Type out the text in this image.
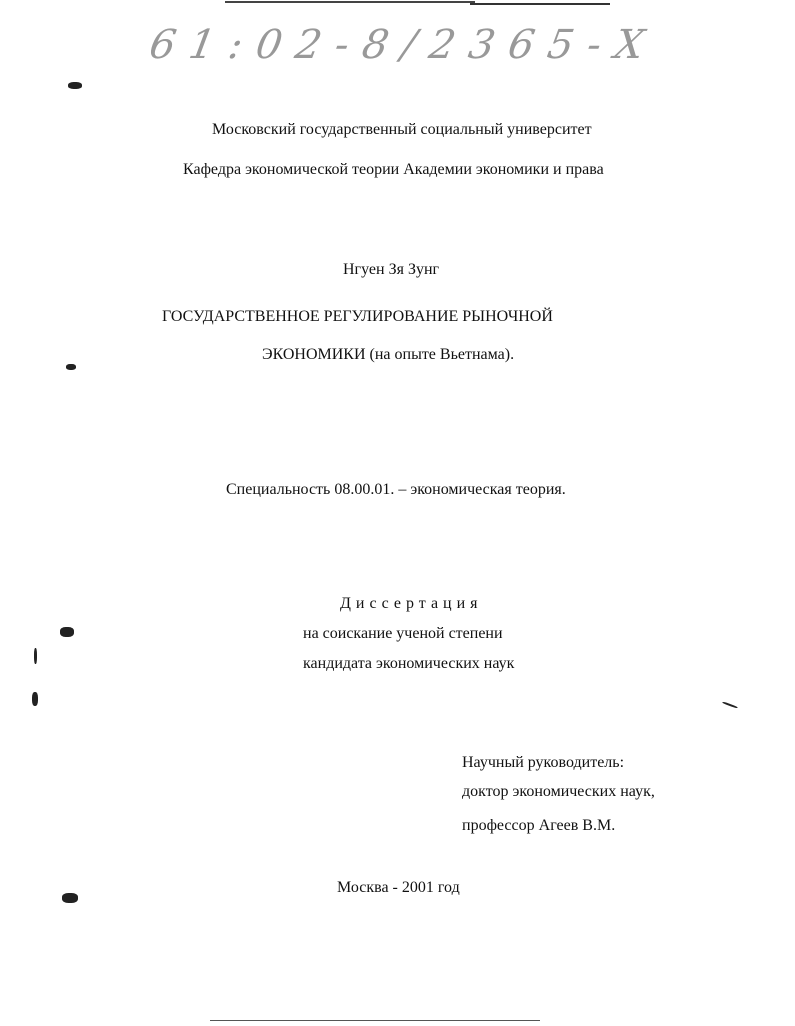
61:02-8/2365-Х
Московский государственный социальный университет
Кафедра экономической теории Академии экономики и права
Нгуен Зя Зунг
ГОСУДАРСТВЕННОЕ РЕГУЛИРОВАНИЕ РЫНОЧНОЙ
ЭКОНОМИКИ (на опыте Вьетнама).
Специальность 08.00.01. – экономическая теория.
Диссертация
на соискание ученой степени
кандидата экономических наук
Научный руководитель:
доктор экономических наук,
профессор Агеев В.М.
Москва - 2001 год
